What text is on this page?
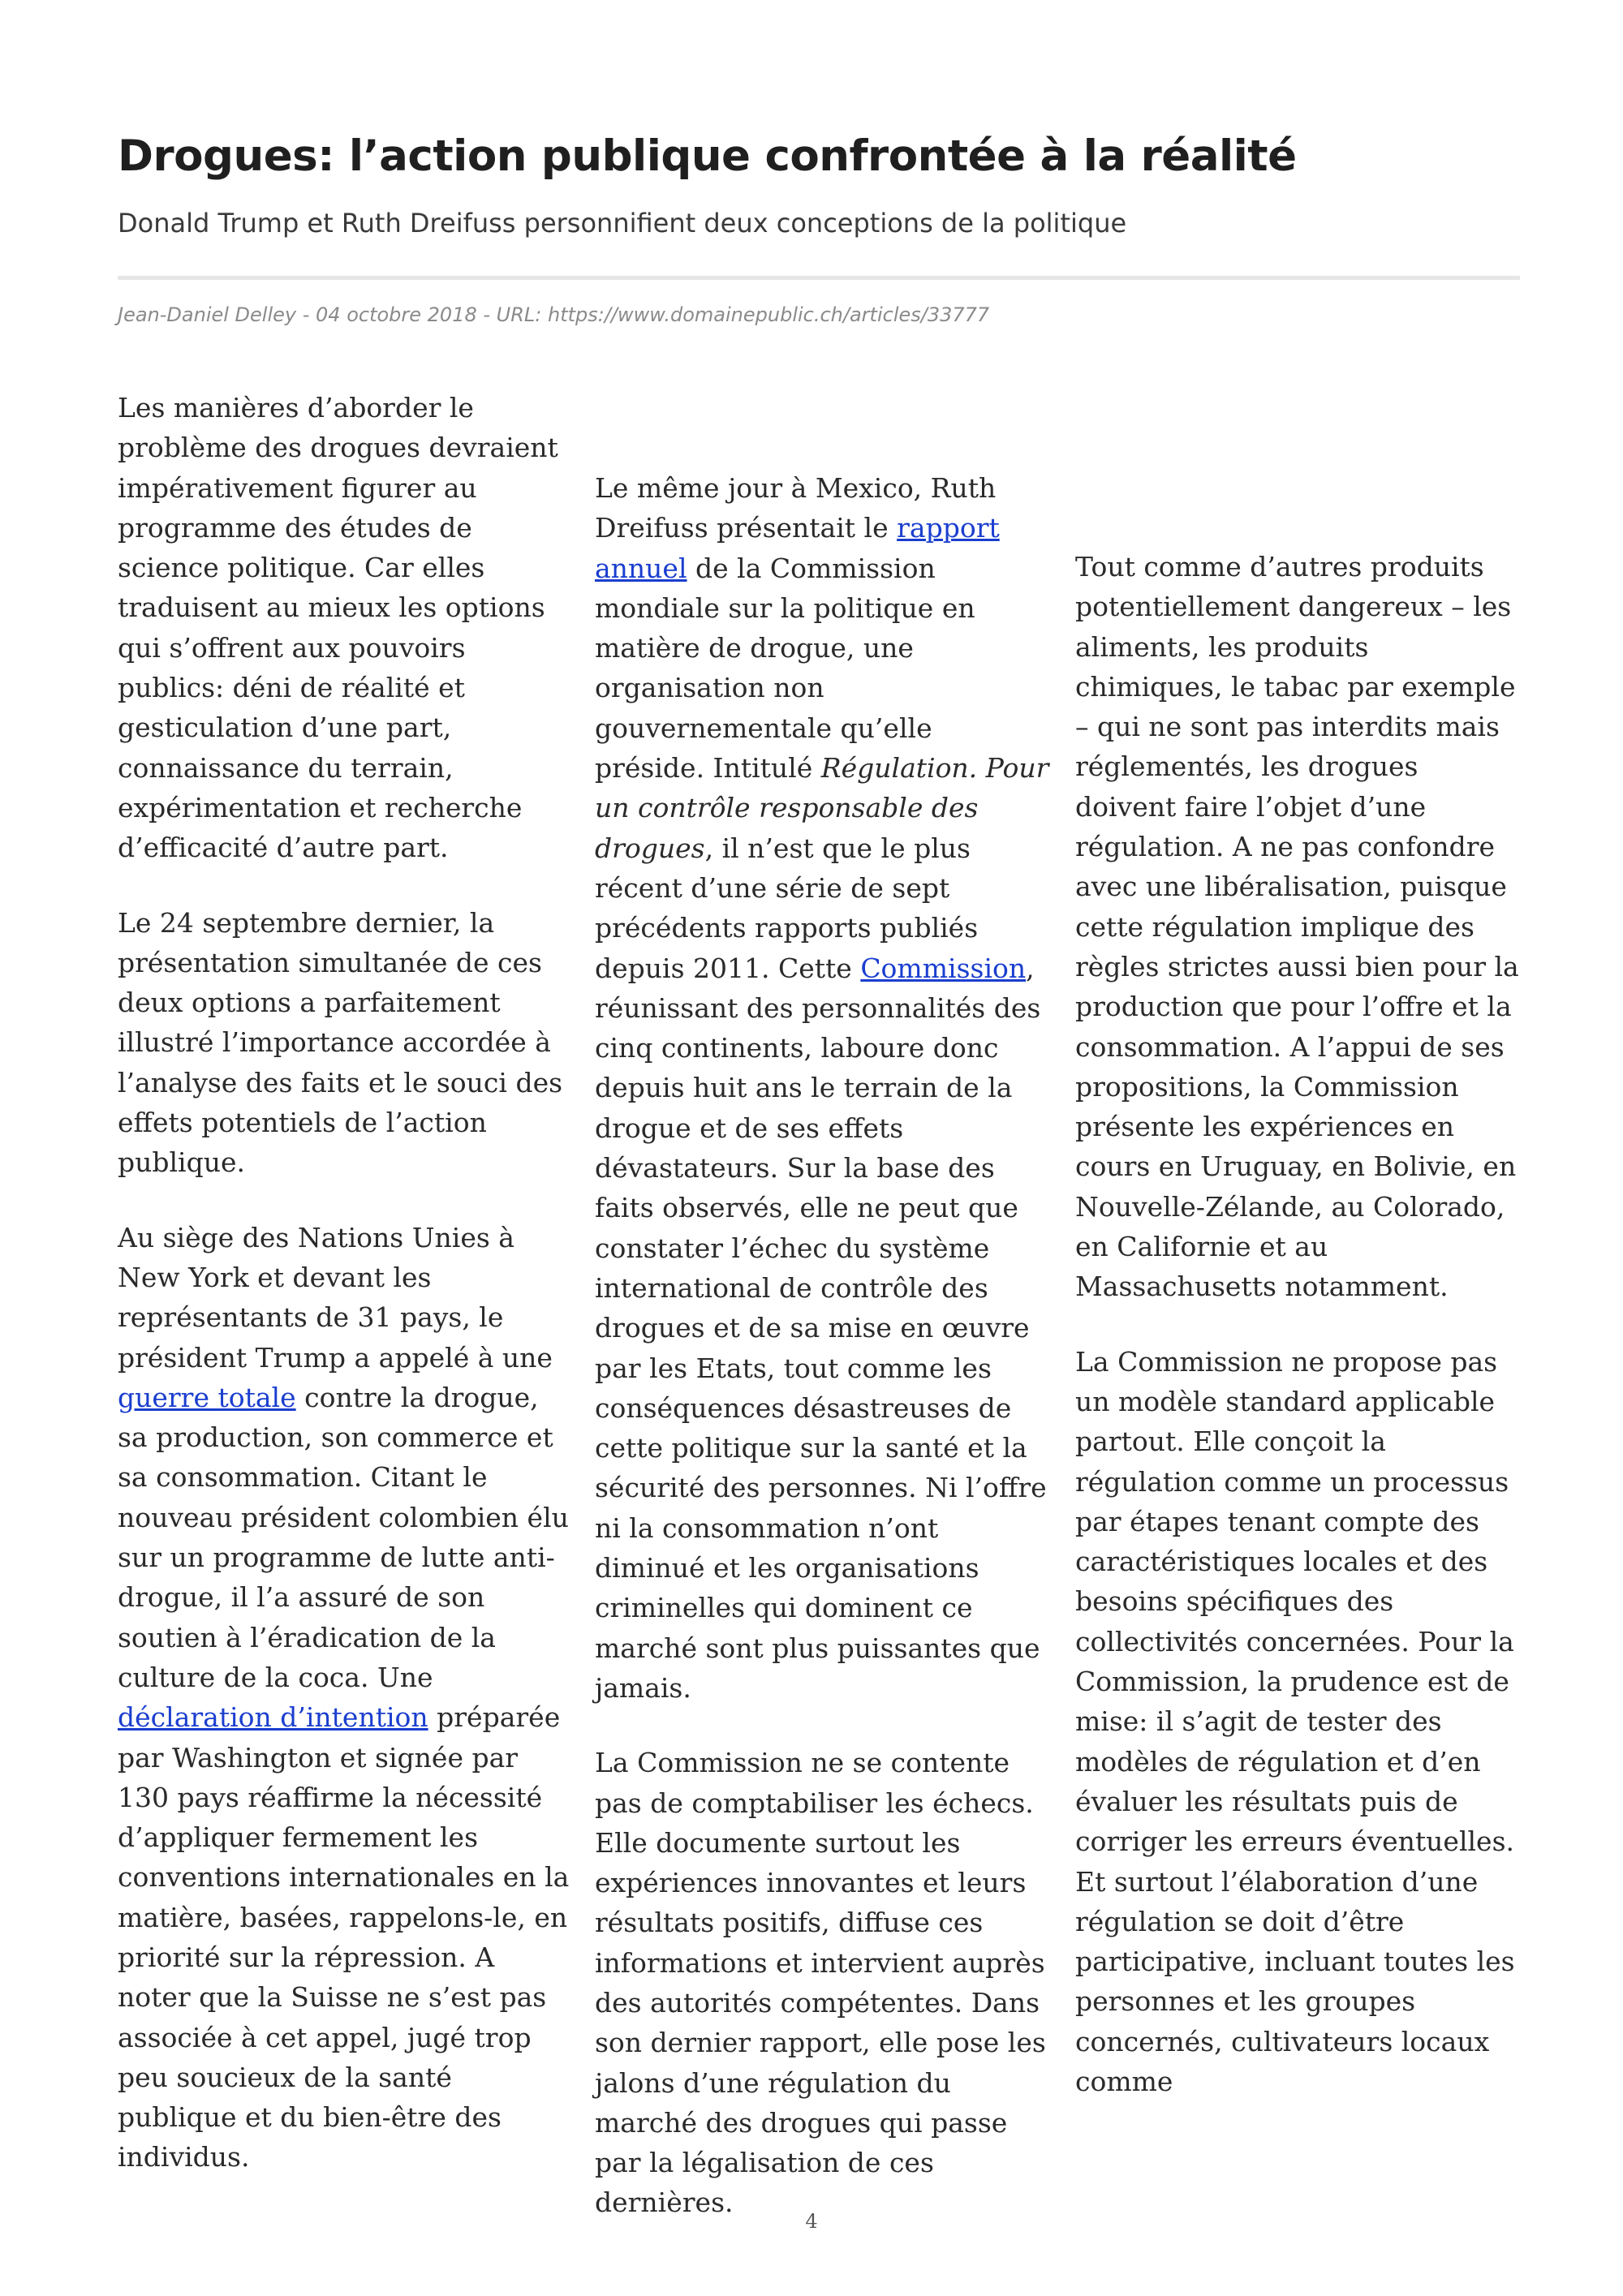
Drogues: l’action publique confrontée à la réalité
Donald Trump et Ruth Dreifuss personnifient deux conceptions de la politique
Jean-Daniel Delley - 04 octobre 2018 - URL: https://www.domainepublic.ch/articles/33777

Les manières d’aborder le problème des drogues devraient impérativement figurer au programme des études de science politique. Car elles traduisent au mieux les options qui s’offrent aux pouvoirs publics: déni de réalité et gesticulation d’une part, connaissance du terrain, expérimentation et recherche d’efficacité d’autre part.

Le 24 septembre dernier, la présentation simultanée de ces deux options a parfaitement illustré l’importance accordée à l’analyse des faits et le souci des effets potentiels de l’action publique.

Au siège des Nations Unies à New York et devant les représentants de 31 pays, le président Trump a appelé à une guerre totale contre la drogue, sa production, son commerce et sa consommation. Citant le nouveau président colombien élu sur un programme de lutte anti-drogue, il l’a assuré de son soutien à l’éradication de la culture de la coca. Une déclaration d’intention préparée par Washington et signée par 130 pays réaffirme la nécessité d’appliquer fermement les conventions internationales en la matière, basées, rappelons-le, en priorité sur la répression. A noter que la Suisse ne s’est pas associée à cet appel, jugé trop peu soucieux de la santé publique et du bien-être des individus.

Le même jour à Mexico, Ruth Dreifuss présentait le rapport annuel de la Commission mondiale sur la politique en matière de drogue, une organisation non gouvernementale qu’elle préside. Intitulé Régulation. Pour un contrôle responsable des drogues, il n’est que le plus récent d’une série de sept précédents rapports publiés depuis 2011. Cette Commission, réunissant des personnalités des cinq continents, laboure donc depuis huit ans le terrain de la drogue et de ses effets dévastateurs. Sur la base des faits observés, elle ne peut que constater l’échec du système international de contrôle des drogues et de sa mise en œuvre par les Etats, tout comme les conséquences désastreuses de cette politique sur la santé et la sécurité des personnes. Ni l’offre ni la consommation n’ont diminué et les organisations criminelles qui dominent ce marché sont plus puissantes que jamais.

La Commission ne se contente pas de comptabiliser les échecs. Elle documente surtout les expériences innovantes et leurs résultats positifs, diffuse ces informations et intervient auprès des autorités compétentes. Dans son dernier rapport, elle pose les jalons d’une régulation du marché des drogues qui passe par la légalisation de ces dernières.

Tout comme d’autres produits potentiellement dangereux – les aliments, les produits chimiques, le tabac par exemple – qui ne sont pas interdits mais réglementés, les drogues doivent faire l’objet d’une régulation. A ne pas confondre avec une libéralisation, puisque cette régulation implique des règles strictes aussi bien pour la production que pour l’offre et la consommation. A l’appui de ses propositions, la Commission présente les expériences en cours en Uruguay, en Bolivie, en Nouvelle-Zélande, au Colorado, en Californie et au Massachusetts notamment.

La Commission ne propose pas un modèle standard applicable partout. Elle conçoit la régulation comme un processus par étapes tenant compte des caractéristiques locales et des besoins spécifiques des collectivités concernées. Pour la Commission, la prudence est de mise: il s’agit de tester des modèles de régulation et d’en évaluer les résultats puis de corriger les erreurs éventuelles. Et surtout l’élaboration d’une régulation se doit d’être participative, incluant toutes les personnes et les groupes concernés, cultivateurs locaux comme

4
